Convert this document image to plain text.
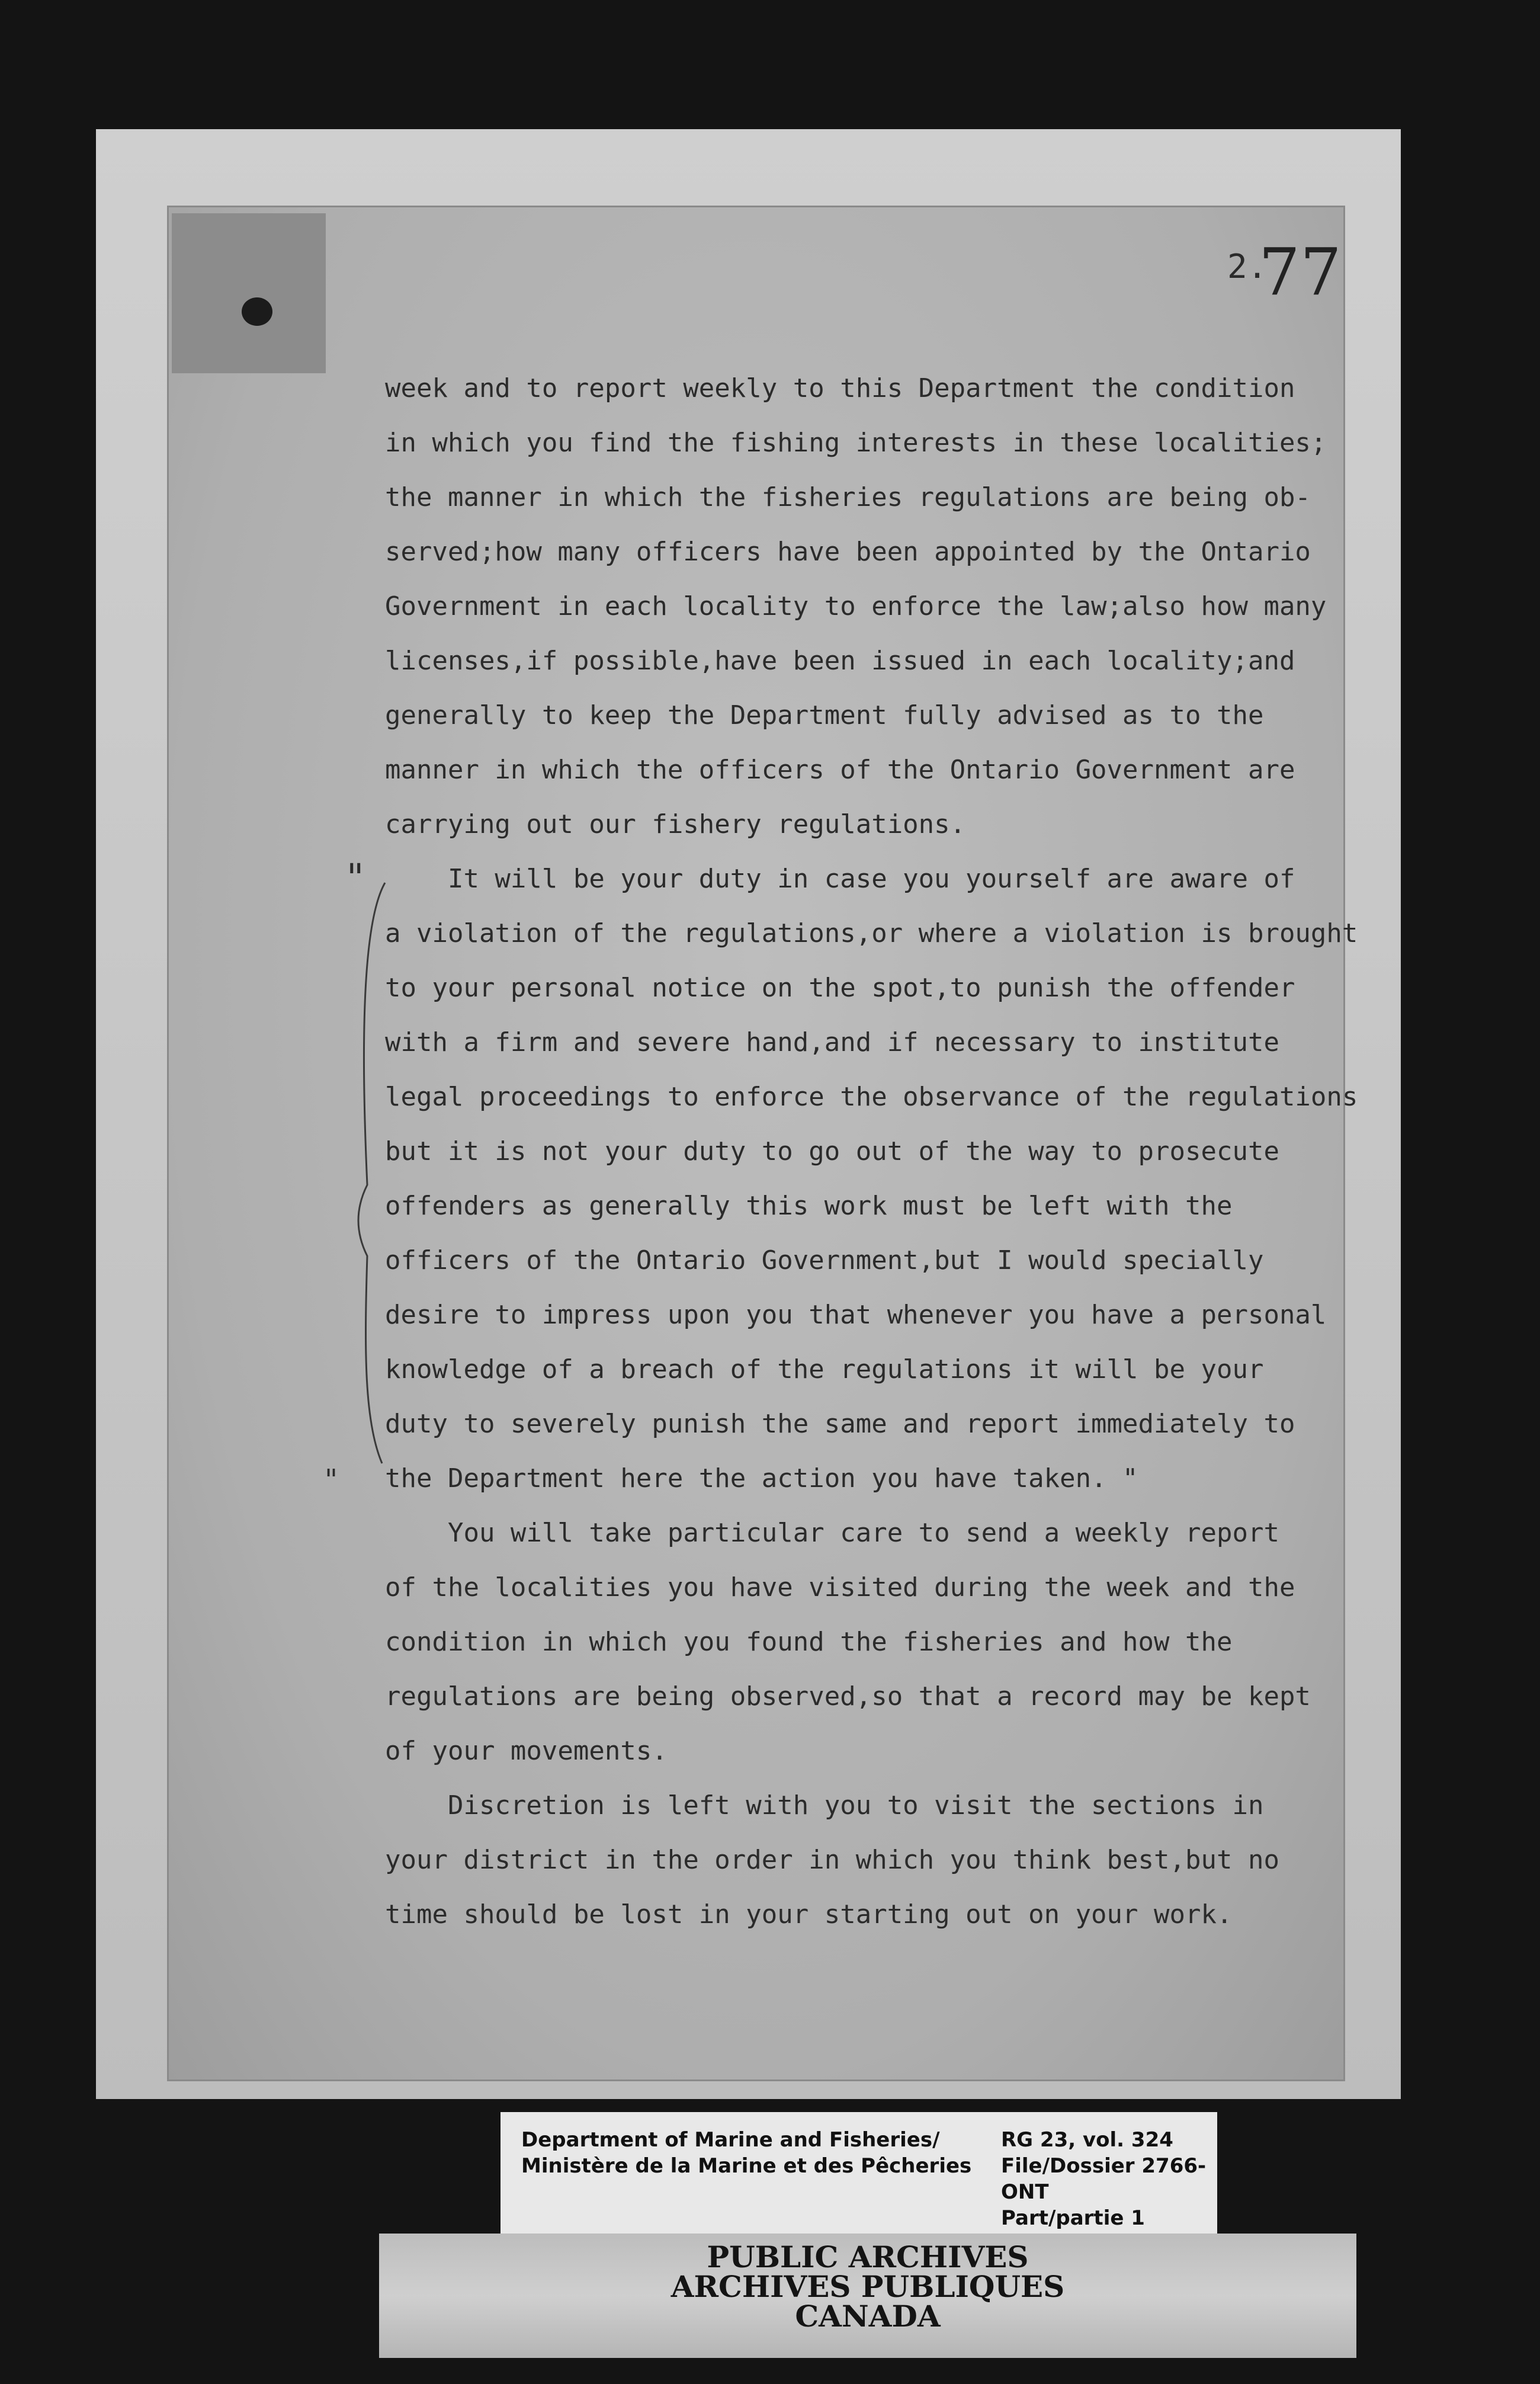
2.
77
"
"
week and to report weekly to this Department the condition
in which you find the fishing interests in these localities;
the manner in which the fisheries regulations are being ob-
served;how many officers have been appointed by the Ontario
Government in each locality to enforce the law;also how many
licenses,if possible,have been issued in each locality;and
generally to keep the Department fully advised as to the
manner in which the officers of the Ontario Government are
carrying out our fishery regulations.
It will be your duty in case you yourself are aware of
a violation of the regulations,or where a violation is brought
to your personal notice on the spot,to punish the offender
with a firm and severe hand,and if necessary to institute
legal proceedings to enforce the observance of the regulations
but it is not your duty to go out of the way to prosecute
offenders as generally this work must be left with the
officers of the Ontario Government,but I would specially
desire to impress upon you that whenever you have a personal
knowledge of a breach of the regulations it will be your
duty to severely punish the same and report immediately to
the Department here the action you have taken. "
You will take particular care to send a weekly report
of the localities you have visited during the week and the
condition in which you found the fisheries and how the
regulations are being observed,so that a record may be kept
of your movements.
Discretion is left with you to visit the sections in
your district in the order in which you think best,but no
time should be lost in your starting out on your work.
Department of Marine and Fisheries/
Ministère de la Marine et des Pêcheries
RG 23, vol. 324
File/Dossier 2766-
ONT
Part/partie 1
PUBLIC ARCHIVES
ARCHIVES PUBLIQUES
CANADA
